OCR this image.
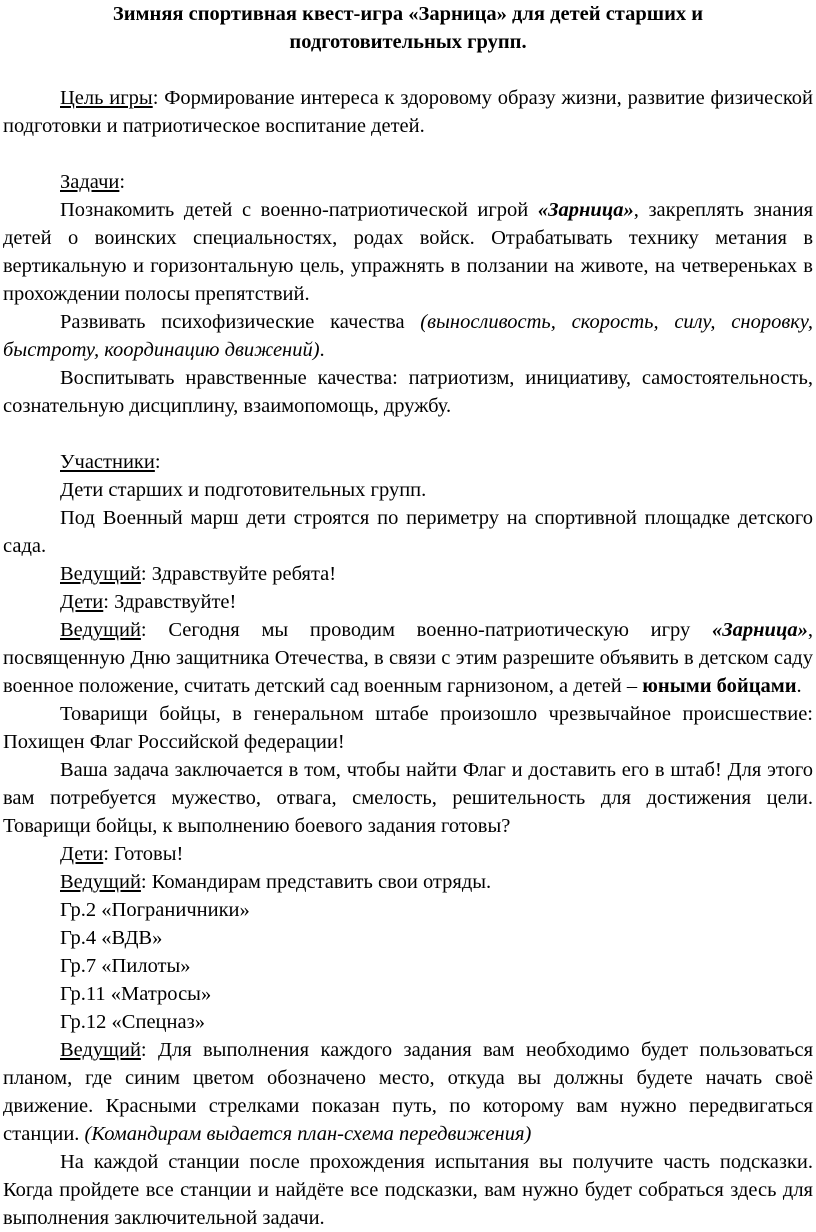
Зимняя спортивная квест-игра «Зарница» для детей старших и
подготовительных групп.

Цель игры: Формирование интереса к здоровому образу жизни, развитие физической подготовки и патриотическое воспитание детей.

Задачи:

Познакомить детей с военно-патриотической игрой «Зарница», закреплять знания детей о воинских специальностях, родах войск. Отрабатывать технику метания в вертикальную и горизонтальную цель, упражнять в ползании на животе, на четвереньках в прохождении полосы препятствий.

Развивать психофизические качества (выносливость, скорость, силу, сноровку, быстроту, координацию движений).

Воспитывать нравственные качества: патриотизм, инициативу, самостоятельность, сознательную дисциплину, взаимопомощь, дружбу.

Участники:

Дети старших и подготовительных групп.

Под Военный марш дети строятся по периметру на спортивной площадке детского сада.

Ведущий: Здравствуйте ребята!

Дети: Здравствуйте!

Ведущий: Сегодня мы проводим военно-патриотическую игру «Зарница», посвященную Дню защитника Отечества, в связи с этим разрешите объявить в детском саду военное положение, считать детский сад военным гарнизоном, а детей – юными бойцами.

Товарищи бойцы, в генеральном штабе произошло чрезвычайное происшествие: Похищен Флаг Российской федерации!

Ваша задача заключается в том, чтобы найти Флаг и доставить его в штаб! Для этого вам потребуется мужество, отвага, смелость, решительность для достижения цели. Товарищи бойцы, к выполнению боевого задания готовы?

Дети: Готовы!

Ведущий: Командирам представить свои отряды.

Гр.2 «Пограничники»

Гр.4 «ВДВ»

Гр.7 «Пилоты»

Гр.11 «Матросы»

Гр.12 «Спецназ»

Ведущий: Для выполнения каждого задания вам необходимо будет пользоваться планом, где синим цветом обозначено место, откуда вы должны будете начать своё движение. Красными стрелками показан путь, по которому вам нужно передвигаться станции. (Командирам выдается план-схема передвижения)

На каждой станции после прохождения испытания вы получите часть подсказки. Когда пройдете все станции и найдёте все подсказки, вам нужно будет собраться здесь для выполнения заключительной задачи.
